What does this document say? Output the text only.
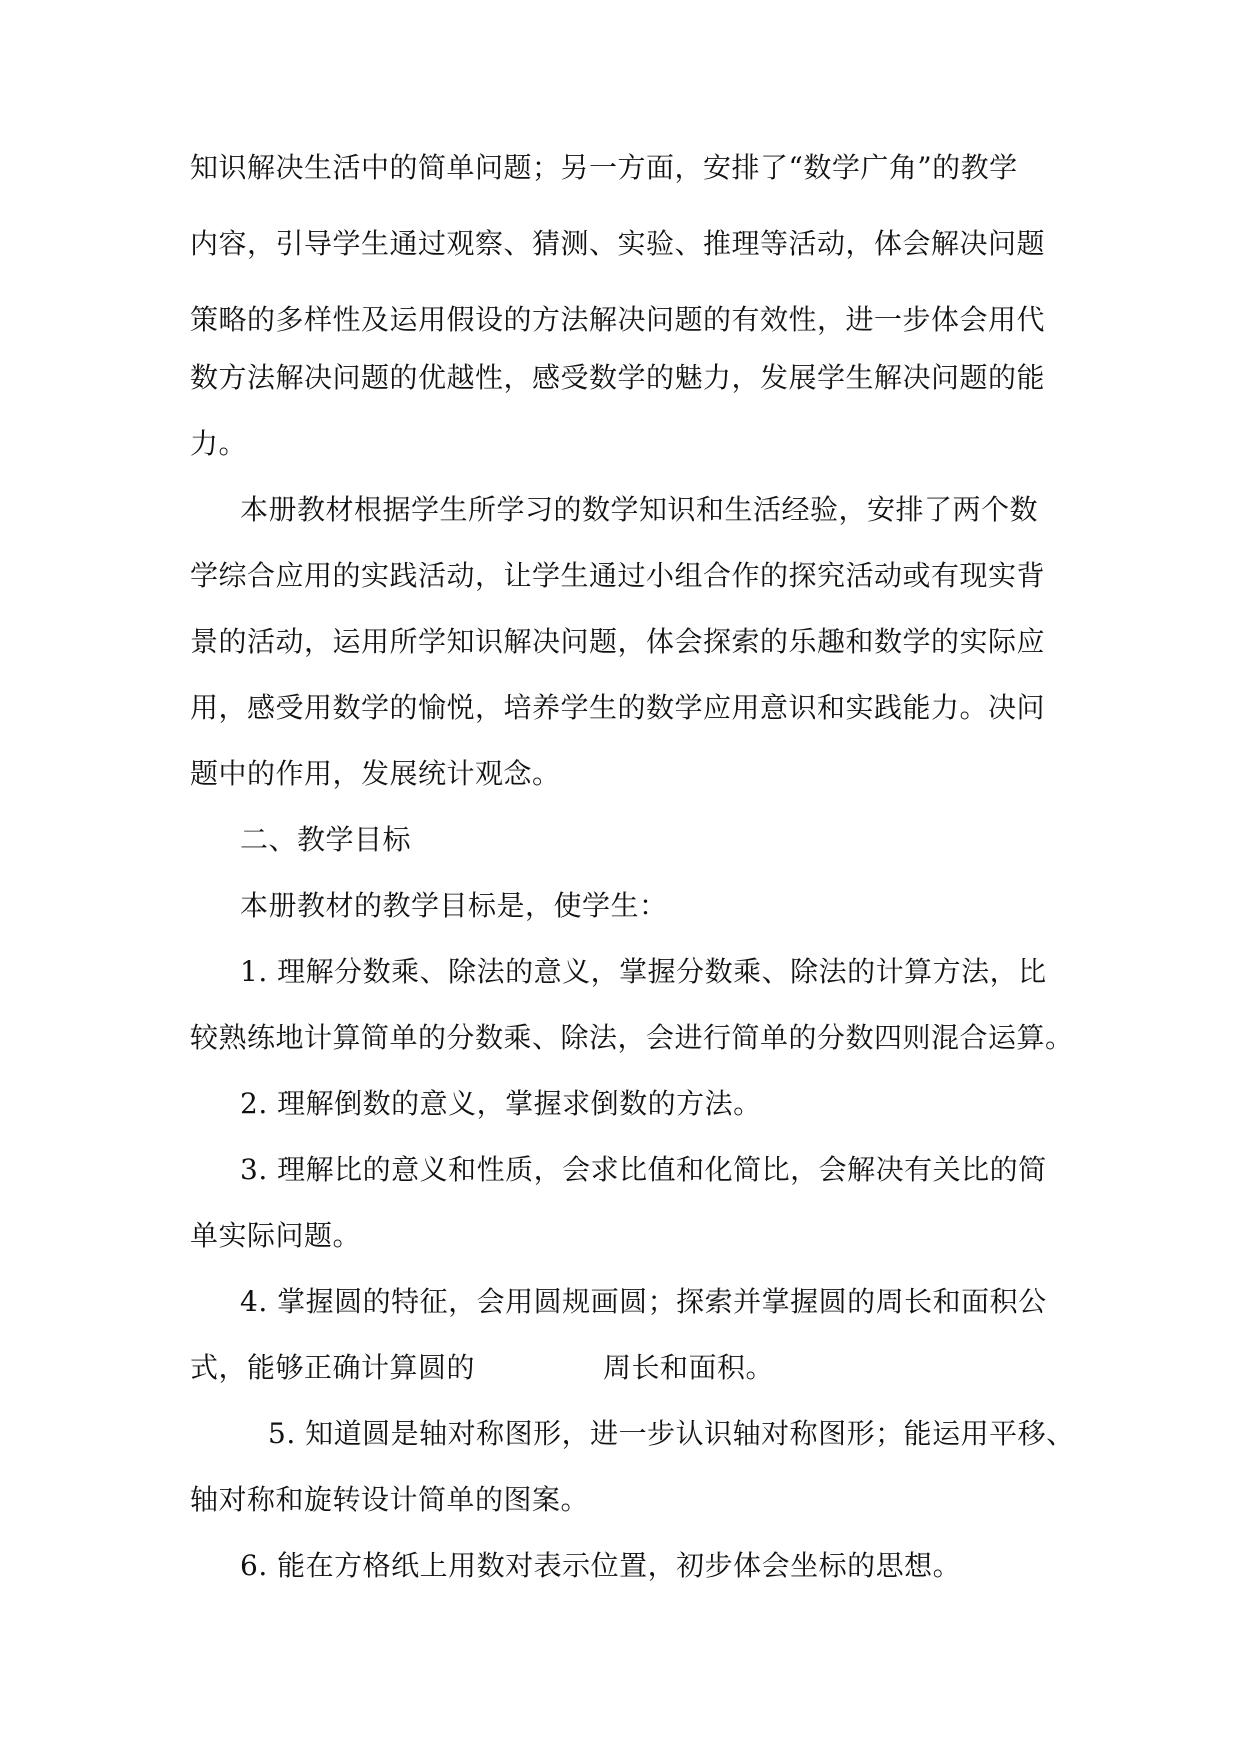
知识解决生活中的简单问题；另一方面，安排了“数学广角”的教学
内容，引导学生通过观察、猜测、实验、推理等活动，体会解决问题
策略的多样性及运用假设的方法解决问题的有效性，进一步体会用代
数方法解决问题的优越性，感受数学的魅力，发展学生解决问题的能
力。
本册教材根据学生所学习的数学知识和生活经验，安排了两个数
学综合应用的实践活动，让学生通过小组合作的探究活动或有现实背
景的活动，运用所学知识解决问题，体会探索的乐趣和数学的实际应
用，感受用数学的愉悦，培养学生的数学应用意识和实践能力。决问
题中的作用，发展统计观念。
二、教学目标
本册教材的教学目标是，使学生：
1. 理解分数乘、除法的意义，掌握分数乘、除法的计算方法，比
较熟练地计算简单的分数乘、除法，会进行简单的分数四则混合运算。
2. 理解倒数的意义，掌握求倒数的方法。
3. 理解比的意义和性质，会求比值和化简比，会解决有关比的简
单实际问题。
4. 掌握圆的特征，会用圆规画圆；探索并掌握圆的周长和面积公
式，能够正确计算圆的	周长和面积。
5. 知道圆是轴对称图形，进一步认识轴对称图形；能运用平移、
轴对称和旋转设计简单的图案。
6. 能在方格纸上用数对表示位置，初步体会坐标的思想。
